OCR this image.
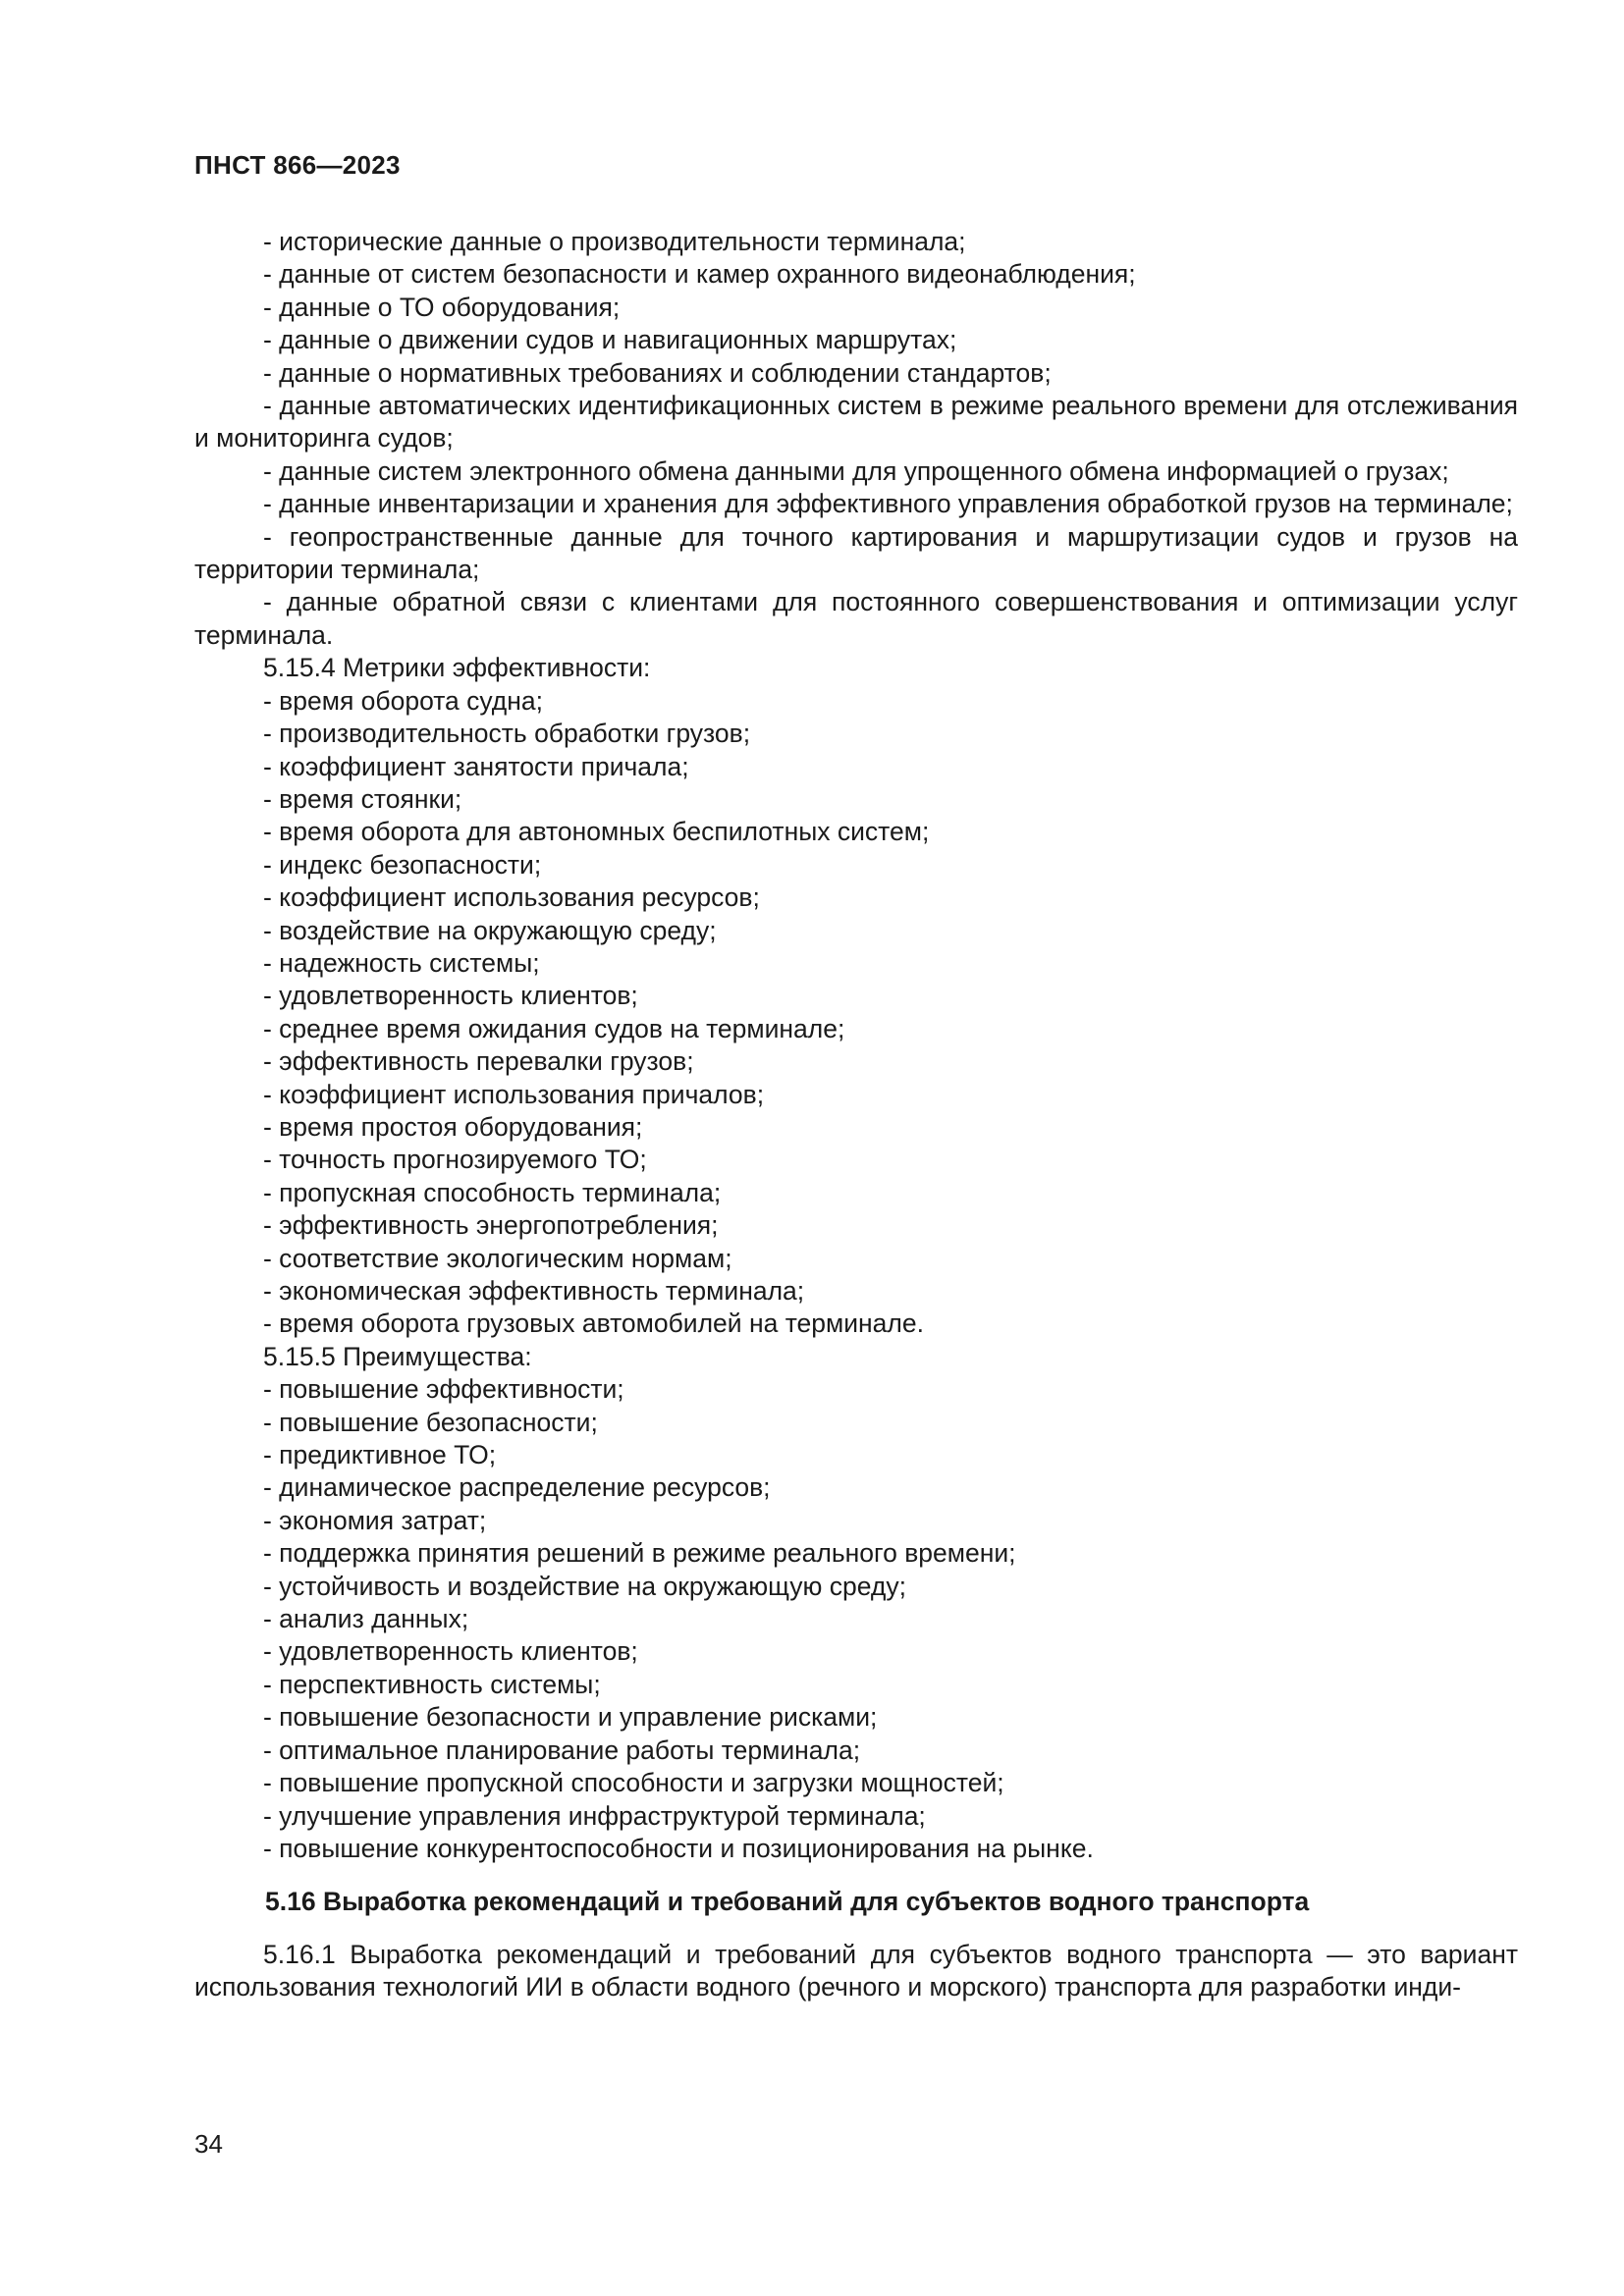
ПНСТ 866—2023

- исторические данные о производительности терминала;

- данные от систем безопасности и камер охранного видеонаблюдения;

- данные о ТО оборудования;

- данные о движении судов и навигационных маршрутах;

- данные о нормативных требованиях и соблюдении стандартов;

- данные автоматических идентификационных систем в режиме реального времени для отслеживания и мониторинга судов;

- данные систем электронного обмена данными для упрощенного обмена информацией о грузах;

- данные инвентаризации и хранения для эффективного управления обработкой грузов на терминале;

- геопространственные данные для точного картирования и маршрутизации судов и грузов на территории терминала;

- данные обратной связи с клиентами для постоянного совершенствования и оптимизации услуг терминала.

5.15.4 Метрики эффективности:

- время оборота судна;

- производительность обработки грузов;

- коэффициент занятости причала;

- время стоянки;

- время оборота для автономных беспилотных систем;

- индекс безопасности;

- коэффициент использования ресурсов;

- воздействие на окружающую среду;

- надежность системы;

- удовлетворенность клиентов;

- среднее время ожидания судов на терминале;

- эффективность перевалки грузов;

- коэффициент использования причалов;

- время простоя оборудования;

- точность прогнозируемого ТО;

- пропускная способность терминала;

- эффективность энергопотребления;

- соответствие экологическим нормам;

- экономическая эффективность терминала;

- время оборота грузовых автомобилей на терминале.

5.15.5 Преимущества:

- повышение эффективности;

- повышение безопасности;

- предиктивное ТО;

- динамическое распределение ресурсов;

- экономия затрат;

- поддержка принятия решений в режиме реального времени;

- устойчивость и воздействие на окружающую среду;

- анализ данных;

- удовлетворенность клиентов;

- перспективность системы;

- повышение безопасности и управление рисками;

- оптимальное планирование работы терминала;

- повышение пропускной способности и загрузки мощностей;

- улучшение управления инфраструктурой терминала;

- повышение конкурентоспособности и позиционирования на рынке.

5.16 Выработка рекомендаций и требований для субъектов водного транспорта

5.16.1 Выработка рекомендаций и требований для субъектов водного транспорта — это вариант использования технологий ИИ в области водного (речного и морского) транспорта для разработки инди-

34
